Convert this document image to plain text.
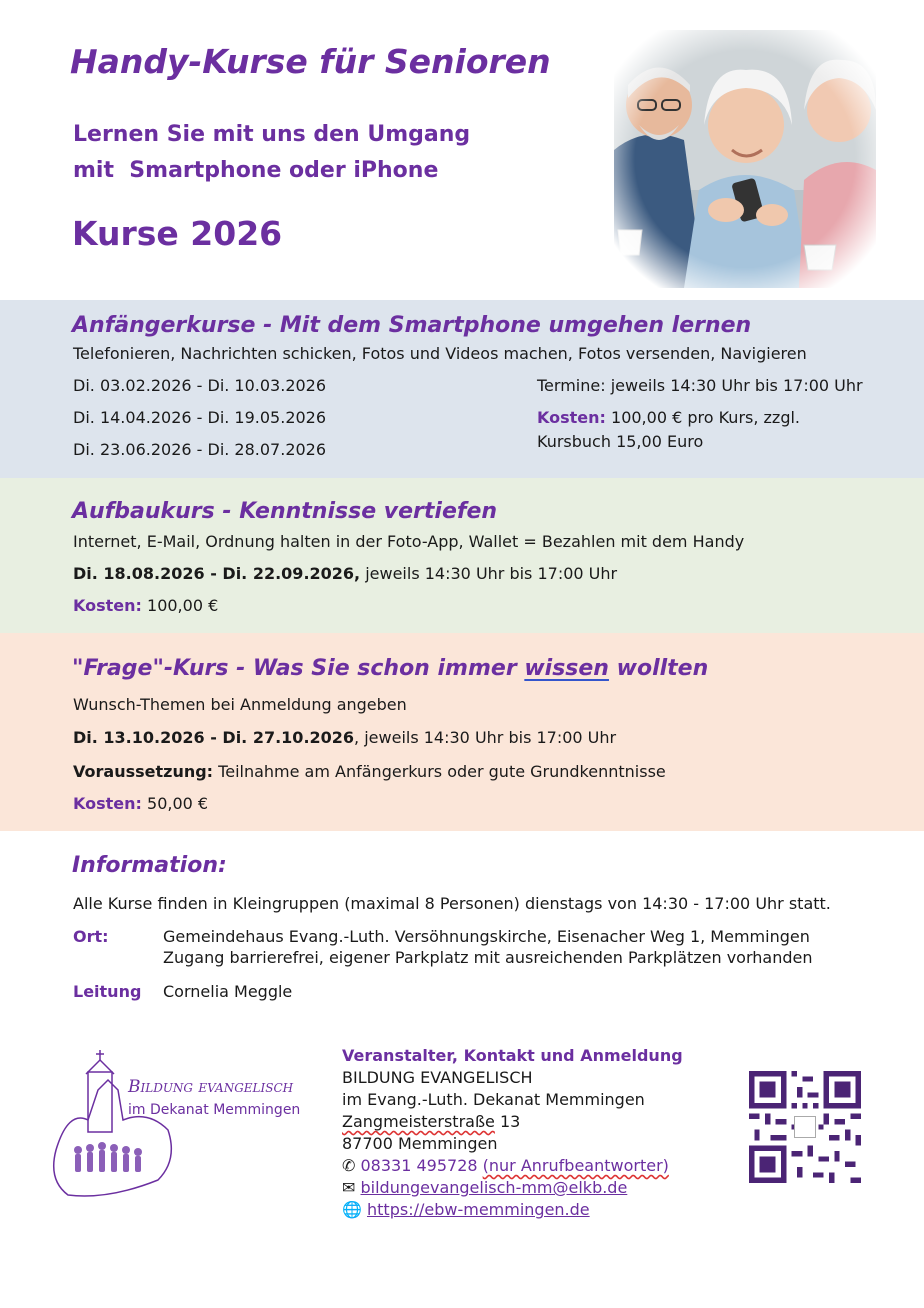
Handy-Kurse für Senioren
Lernen Sie mit uns den Umgang
mit  Smartphone oder iPhone
Kurse 2026
Anfängerkurse - Mit dem Smartphone umgehen lernen
Telefonieren, Nachrichten schicken, Fotos und Videos machen, Fotos versenden, Navigieren
Di. 03.02.2026 - Di. 10.03.2026
Di. 14.04.2026 - Di. 19.05.2026
Di. 23.06.2026 - Di. 28.07.2026
Termine: jeweils 14:30 Uhr bis 17:00 Uhr
Kosten: 100,00 € pro Kurs, zzgl.
Kursbuch 15,00 Euro
Aufbaukurs - Kenntnisse vertiefen
Internet, E-Mail, Ordnung halten in der Foto-App, Wallet = Bezahlen mit dem Handy
Di. 18.08.2026 - Di. 22.09.2026, jeweils 14:30 Uhr bis 17:00 Uhr
Kosten: 100,00 €
"Frage"-Kurs - Was Sie schon immer wissen wollten
Wunsch-Themen bei Anmeldung angeben
Di. 13.10.2026 - Di. 27.10.2026, jeweils 14:30 Uhr bis 17:00 Uhr
Voraussetzung: Teilnahme am Anfängerkurs oder gute Grundkenntnisse
Kosten: 50,00 €
Information:
Alle Kurse finden in Kleingruppen (maximal 8 Personen) dienstags von 14:30 - 17:00 Uhr statt.
Ort:	Gemeindehaus Evang.-Luth. Versöhnungskirche, Eisenacher Weg 1, Memmingen
Zugang barrierefrei, eigener Parkplatz mit ausreichenden Parkplätzen vorhanden
Leitung Cornelia Meggle
Bildung evangelisch
im Dekanat Memmingen
Veranstalter, Kontakt und Anmeldung
BILDUNG EVANGELISCH
im Evang.-Luth. Dekanat Memmingen
Zangmeisterstraße 13
87700 Memmingen
✆ 08331 495728 (nur Anrufbeantworter)
✉ bildungevangelisch-mm@elkb.de
🌐 https://ebw-memmingen.de
